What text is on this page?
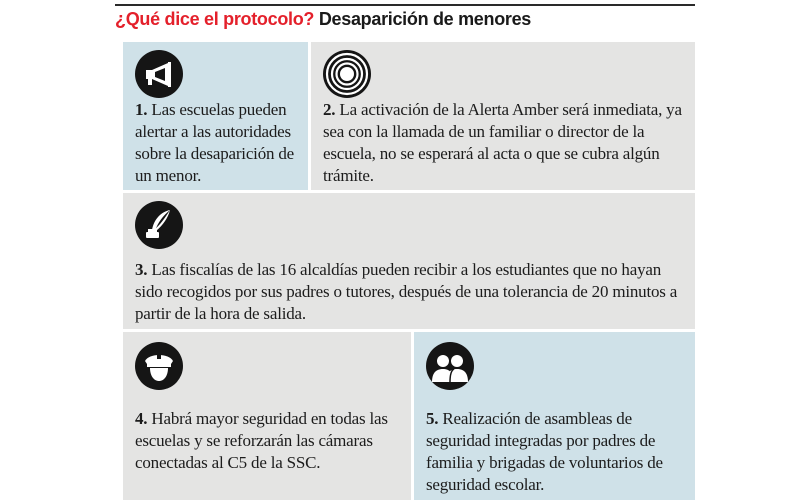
¿Qué dice el protocolo? Desaparición de menores
1. Las escuelas pueden alertar a las autoridades sobre la desaparición de un menor.
2. La activación de la Alerta Amber será inmediata, ya sea con la llamada de un familiar o director de la escuela, no se esperará al acta o que se cubra algún trámite.
3. Las fiscalías de las 16 alcaldías pueden recibir a los estudiantes que no hayan sido recogidos por sus padres o tutores, después de una tolerancia de 20 minutos a partir de la hora de salida.
4. Habrá mayor seguridad en todas las escuelas y se reforzarán las cámaras conectadas al C5 de la SSC.
5. Realización de asambleas de seguridad integradas por padres de familia y brigadas de voluntarios de seguridad escolar.
